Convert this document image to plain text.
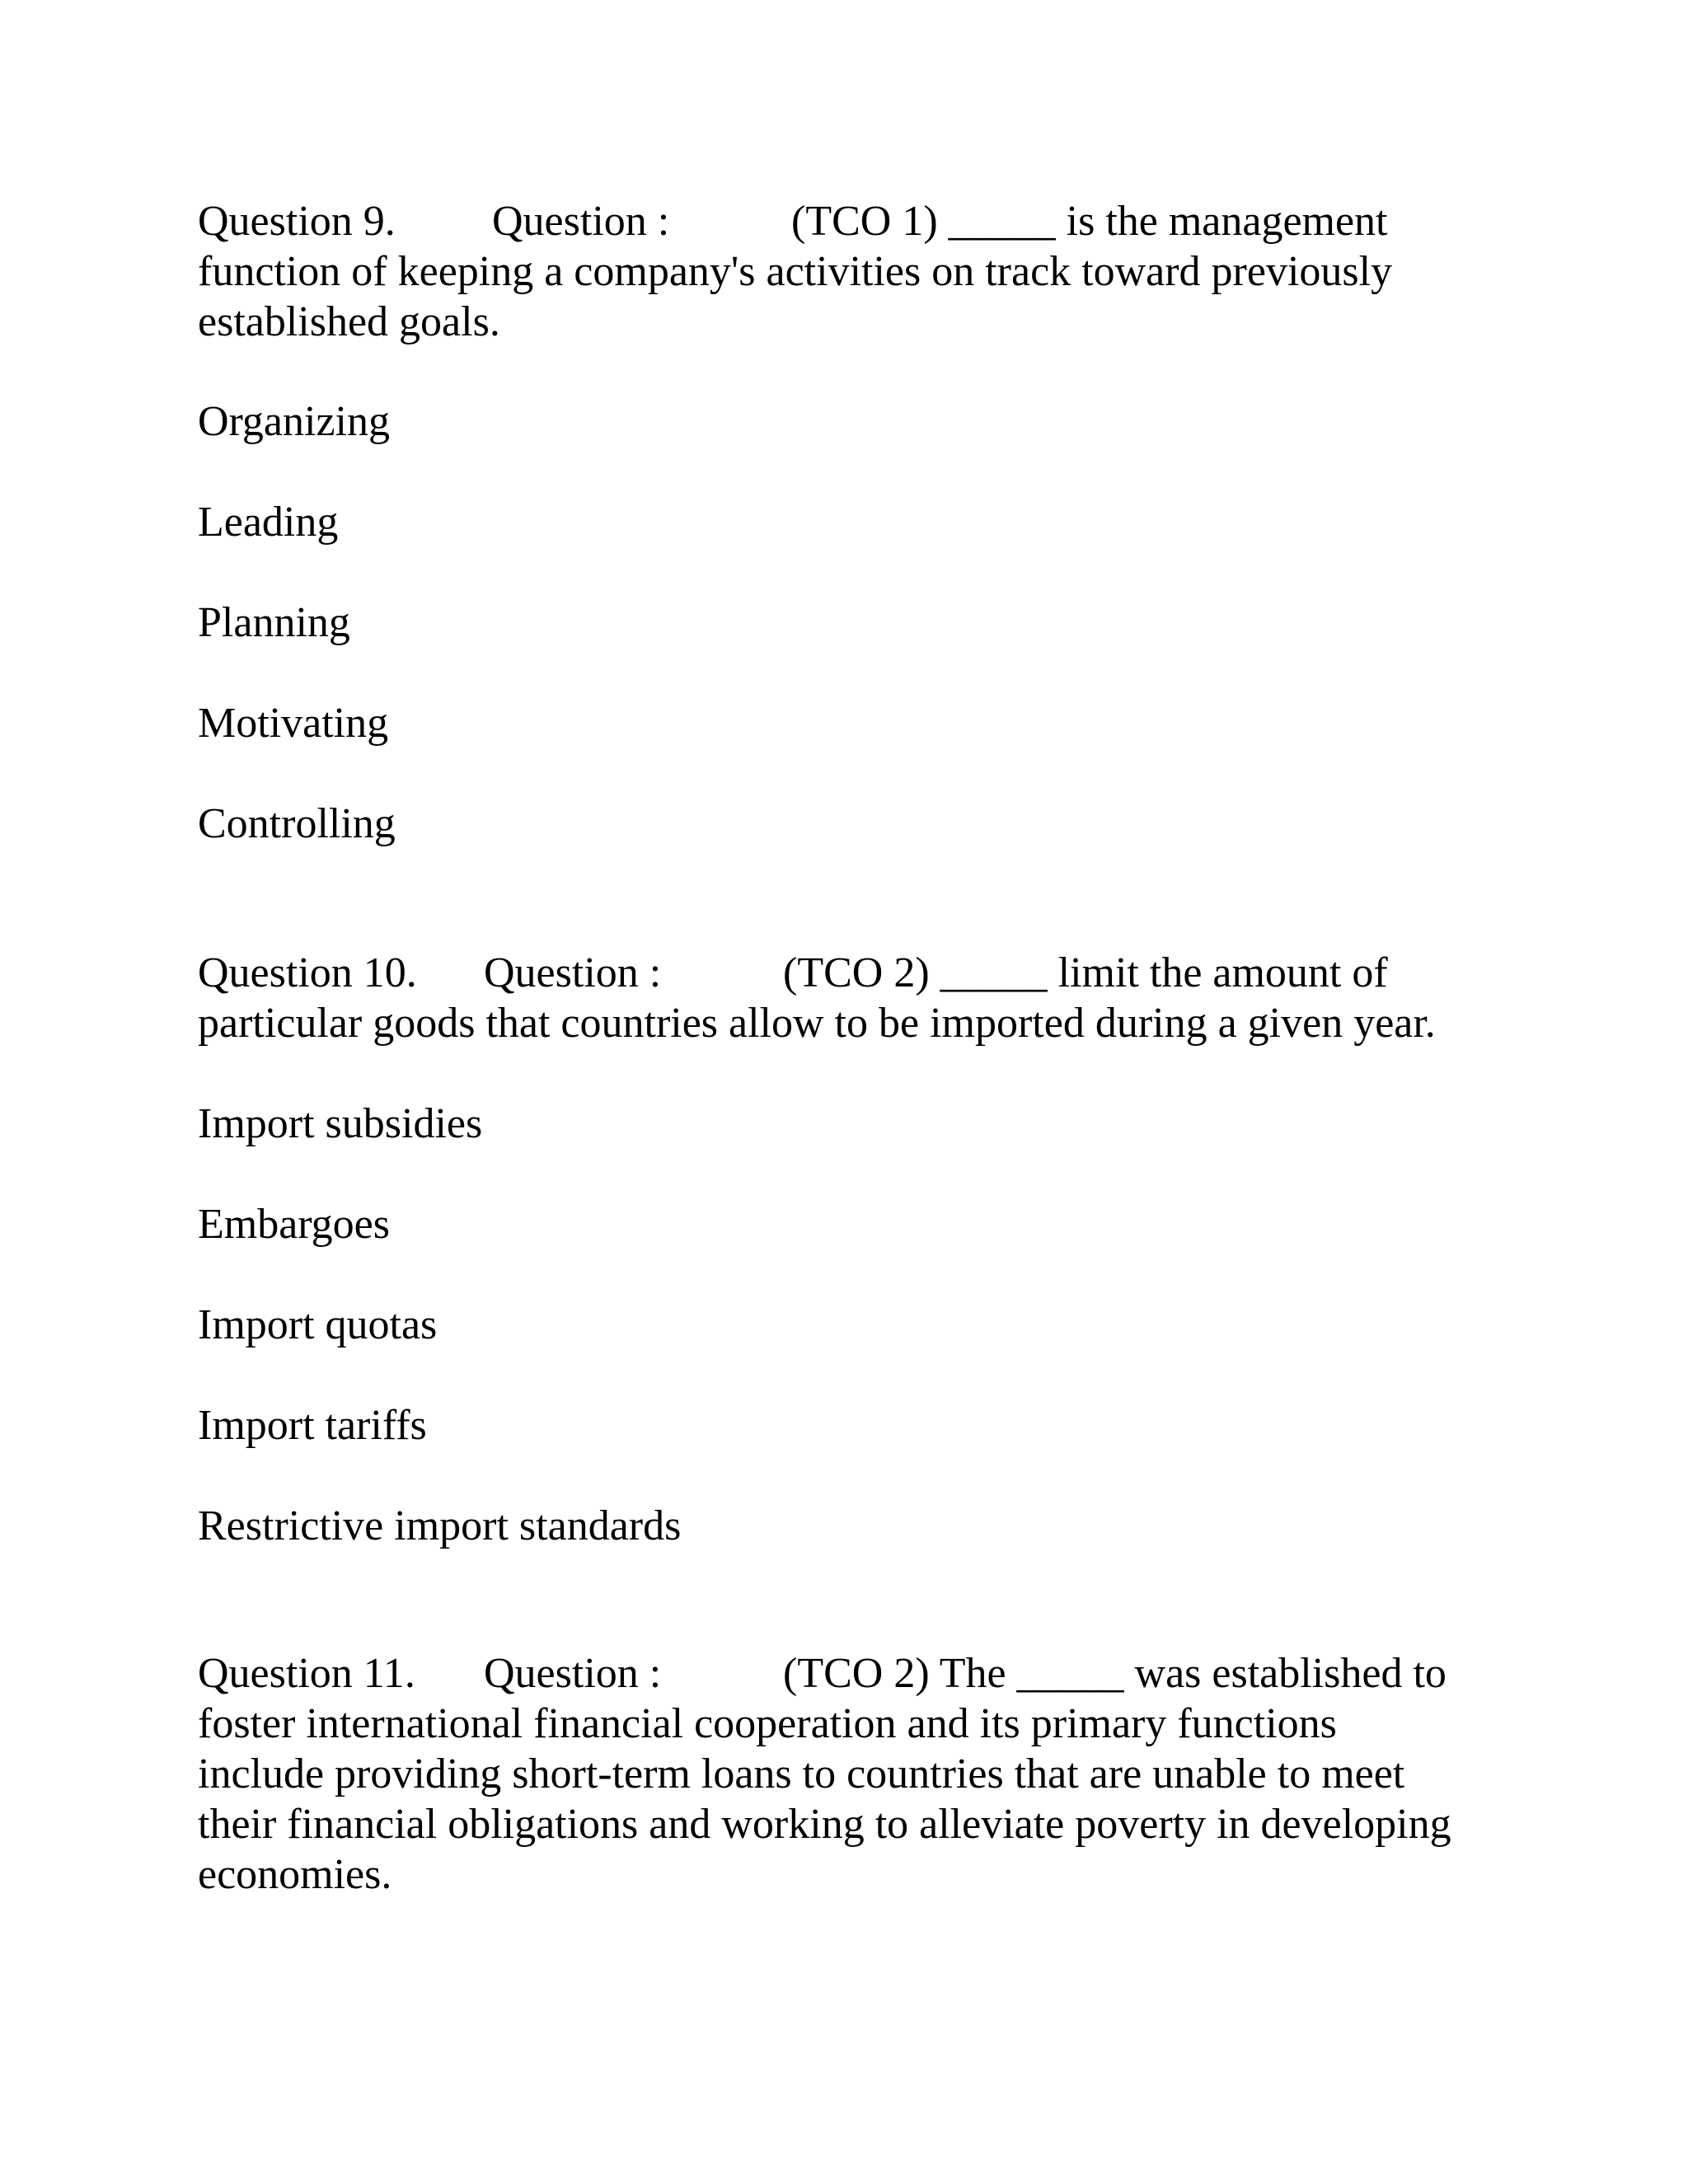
Question 9.

Question :

	(TCO 1) _____ is the management

function of keeping a company's activities on track toward previously
established goals.
Organizing
Leading
Planning
Motivating
Controlling

Question 10.

Question :

	(TCO 2) _____ limit the amount of

particular goods that countries allow to be imported during a given year.
Import subsidies
Embargoes
Import quotas
Import tariffs
Restrictive import standards

Question 11.

Question :

	(TCO 2) The _____ was established to

foster international financial cooperation and its primary functions
include providing short-term loans to countries that are unable to meet
their financial obligations and working to alleviate poverty in developing
economies.
